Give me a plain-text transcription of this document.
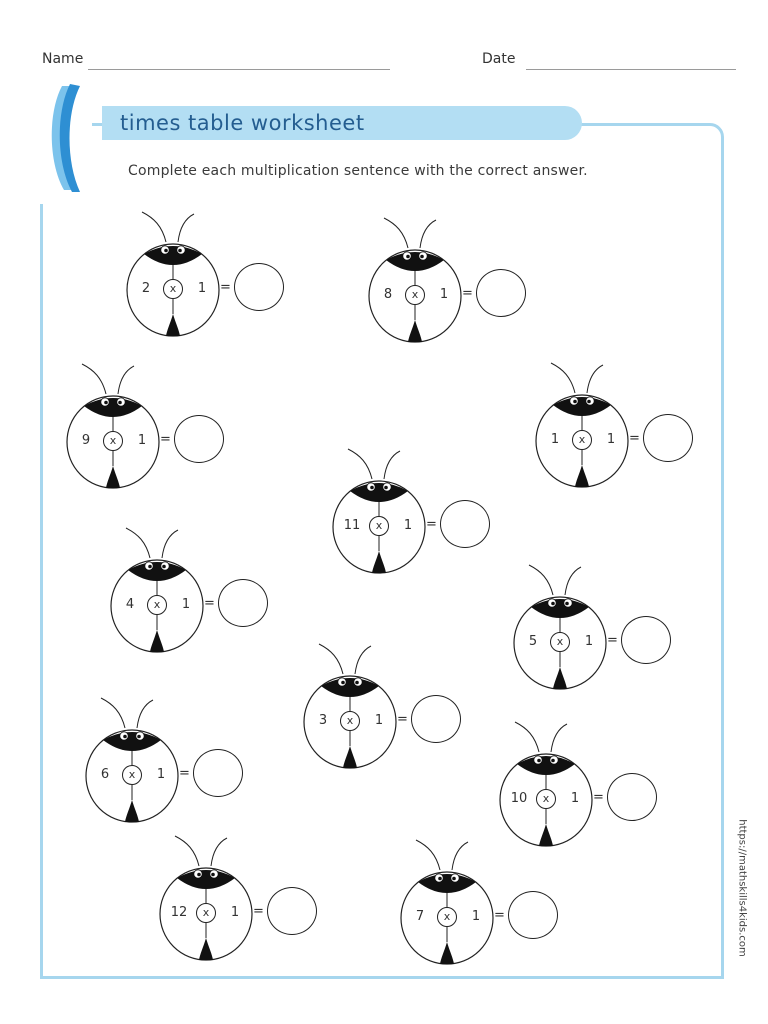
Name	Date
times table worksheet
Complete each multiplication sentence with the correct answer.
https://mathskills4kids.com
2	x	1	=	8	x	1	=
9	x	1	=	1	x	1	=
11	x	1	=
4	x	1	=
5	x	1	=
3	x	1	=
6	x	1	=
10	x	1	=
12	x	1	=	7	x	1	=
